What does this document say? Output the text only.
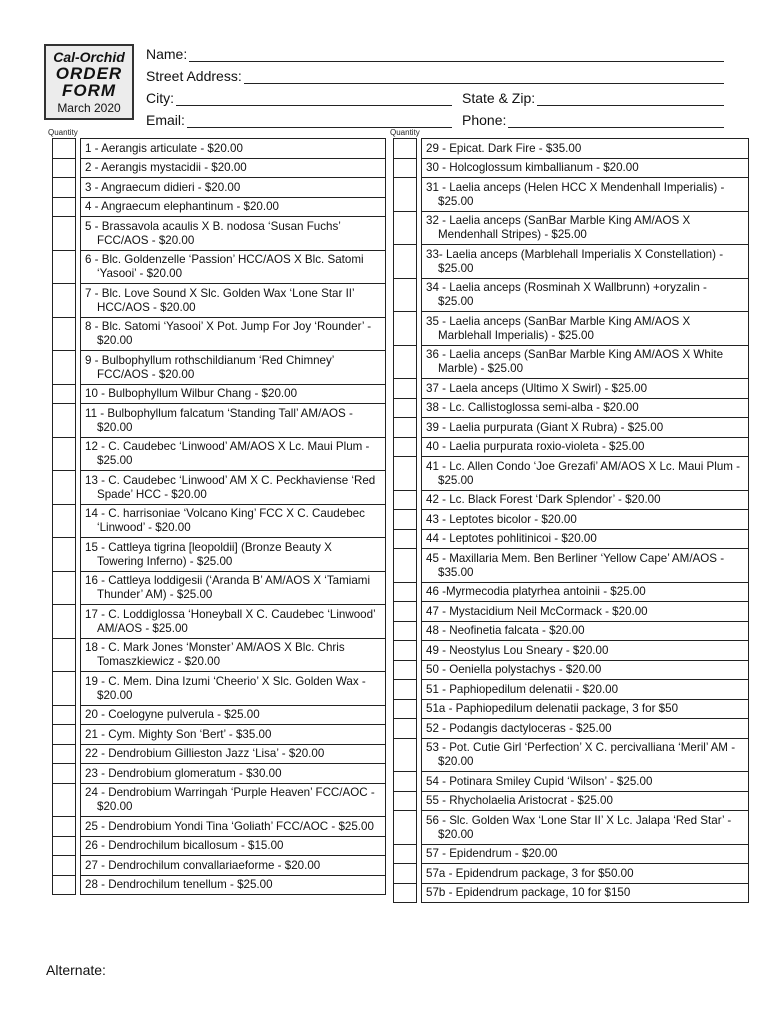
Cal-Orchid
ORDER
FORM
March 2020
Name:
Street Address:
City:	State & Zip:
Email:	Phone:
Quantity	Quantity
1 - Aerangis articulate - $20.00
2 - Aerangis mystacidii - $20.00
3 - Angraecum didieri - $20.00
4 - Angraecum elephantinum - $20.00
5 - Brassavola acaulis X B. nodosa ‘Susan Fuchs’ FCC/AOS - $20.00
6 - Blc. Goldenzelle ‘Passion’ HCC/AOS X Blc. Satomi ‘Yasooi’ - $20.00
7 - Blc. Love Sound X Slc. Golden Wax ‘Lone Star II’ HCC/AOS - $20.00
8 - Blc. Satomi ‘Yasooi’ X Pot. Jump For Joy ‘Rounder’ - $20.00
9 - Bulbophyllum rothschildianum ‘Red Chimney’ FCC/AOS - $20.00
10 - Bulbophyllum Wilbur Chang - $20.00
11 - Bulbophyllum falcatum ‘Standing Tall’ AM/AOS - $20.00
12 - C. Caudebec ‘Linwood’ AM/AOS X Lc. Maui Plum - $25.00
13 - C. Caudebec ‘Linwood’ AM X C. Peckhaviense ‘Red Spade’ HCC - $20.00
14 - C. harrisoniae ‘Volcano King’ FCC X C. Caudebec ‘Linwood’ - $20.00
15 - Cattleya tigrina [leopoldii] (Bronze Beauty X Towering Inferno) - $25.00
16 - Cattleya loddigesii (‘Aranda B’ AM/AOS X ‘Tamiami Thunder’ AM) - $25.00
17 - C. Loddiglossa ‘Honeyball X C. Caudebec ‘Linwood’ AM/AOS - $25.00
18 - C. Mark Jones ‘Monster’ AM/AOS X Blc. Chris Tomaszkiewicz - $20.00
19 - C. Mem. Dina Izumi ‘Cheerio’ X Slc. Golden Wax - $20.00
20 - Coelogyne pulverula - $25.00
21 - Cym. Mighty Son ‘Bert’ - $35.00
22 - Dendrobium Gillieston Jazz ‘Lisa’ - $20.00
23 - Dendrobium glomeratum - $30.00
24 - Dendrobium Warringah ‘Purple Heaven’ FCC/AOC - $20.00
25 - Dendrobium Yondi Tina ‘Goliath’ FCC/AOC - $25.00
26 - Dendrochilum bicallosum - $15.00
27 - Dendrochilum convallariaeforme - $20.00
28 - Dendrochilum tenellum - $25.00
29 - Epicat. Dark Fire - $35.00
30 - Holcoglossum kimballianum - $20.00
31 - Laelia anceps (Helen HCC X Mendenhall Imperialis) - $25.00
32 - Laelia anceps (SanBar Marble King AM/AOS X Mendenhall Stripes) - $25.00
33- Laelia anceps (Marblehall Imperialis X Constellation) - $25.00
34 - Laelia anceps (Rosminah X Wallbrunn) +oryzalin - $25.00
35 - Laelia anceps (SanBar Marble King AM/AOS X Marblehall Imperialis) - $25.00
36 - Laelia anceps (SanBar Marble King AM/AOS X White Marble) - $25.00
37 - Laela anceps (Ultimo X Swirl) - $25.00
38 - Lc. Callistoglossa semi-alba - $20.00
39 - Laelia purpurata (Giant X Rubra) - $25.00
40 - Laelia purpurata roxio-violeta - $25.00
41 - Lc. Allen Condo ‘Joe Grezafi’ AM/AOS X Lc. Maui Plum - $25.00
42 - Lc. Black Forest ‘Dark Splendor’ - $20.00
43 - Leptotes bicolor - $20.00
44 - Leptotes pohlitinicoi - $20.00
45 - Maxillaria Mem. Ben Berliner ‘Yellow Cape’ AM/AOS - $35.00
46 -Myrmecodia platyrhea antoinii - $25.00
47 - Mystacidium Neil McCormack - $20.00
48 - Neofinetia falcata - $20.00
49 - Neostylus Lou Sneary - $20.00
50 - Oeniella polystachys - $20.00
51 - Paphiopedilum delenatii - $20.00
51a - Paphiopedilum delenatii package, 3 for $50
52 - Podangis dactyloceras - $25.00
53 - Pot. Cutie Girl ‘Perfection’ X C. percivalliana ‘Meril’ AM - $20.00
54 - Potinara Smiley Cupid ‘Wilson’ - $25.00
55 - Rhycholaelia Aristocrat - $25.00
56 - Slc. Golden Wax ‘Lone Star II’ X Lc. Jalapa ‘Red Star’ - $20.00
57 - Epidendrum - $20.00
57a - Epidendrum package, 3 for $50.00
57b - Epidendrum package, 10 for $150
Alternate:
